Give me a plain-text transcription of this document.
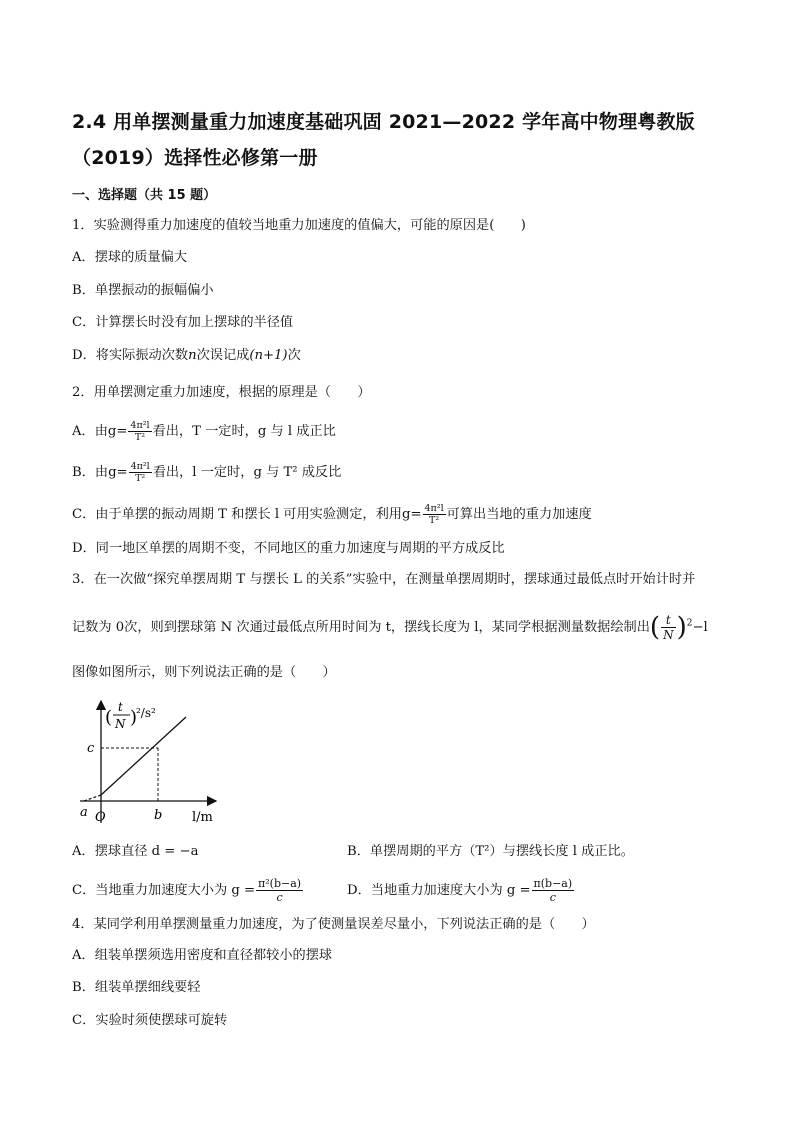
2.4 用单摆测量重力加速度基础巩固 2021—2022 学年高中物理粤教版（2019）选择性必修第一册
一、选择题（共 15 题）
1．实验测得重力加速度的值较当地重力加速度的值偏大，可能的原因是(　　)
A．摆球的质量偏大
B．单摆振动的振幅偏小
C．计算摆长时没有加上摆球的半径值
D．将实际振动次数n次误记成(n+1)次
2．用单摆测定重力加速度，根据的原理是（　　）
A．由$g= \frac{\text{4π²l}}{\text{T²}}$ 看出，T 一定时，g 与 l 成正比
B．由$g= \frac{\text{4π²l}}{\text{T²}}$ 看出，l 一定时，g 与 T² 成反比
C．由于单摆的振动周期 T 和摆长 l 可用实验测定，利用$g= \frac{\text{4π²l}}{\text{T²}}$ 可算出当地的重力加速度
D．同一地区单摆的周期不变，不同地区的重力加速度与周期的平方成反比
3．在一次做“探究单摆周期 T 与摆长 L 的关系”实验中，在测量单摆周期时，摆球通过最低点时开始计时并
记数为 0次，则到摆球第 N 次通过最低点所用时间为 t，摆线长度为 l，某同学根据测量数据绘制出( $\frac{t}{N} )^2-l$
图像如图所示，则下列说法正确的是（　　）
( t
N )
²/s²
c
b
a O	l/m
A．摆球直径 d = −a	B．单摆周期的平方（T²）与摆线长度 l 成正比。
C．当地重力加速度大小为 $g = \frac{\text{π²(b−a)}}{c}$	D．当地重力加速度大小为 $g = \frac{\pi(b-a)}{c}$
4．某同学利用单摆测量重力加速度，为了使测量误差尽量小，下列说法正确的是（　　）
A．组装单摆须选用密度和直径都较小的摆球
B．组装单摆细线要轻
C．实验时须使摆球可旋转
